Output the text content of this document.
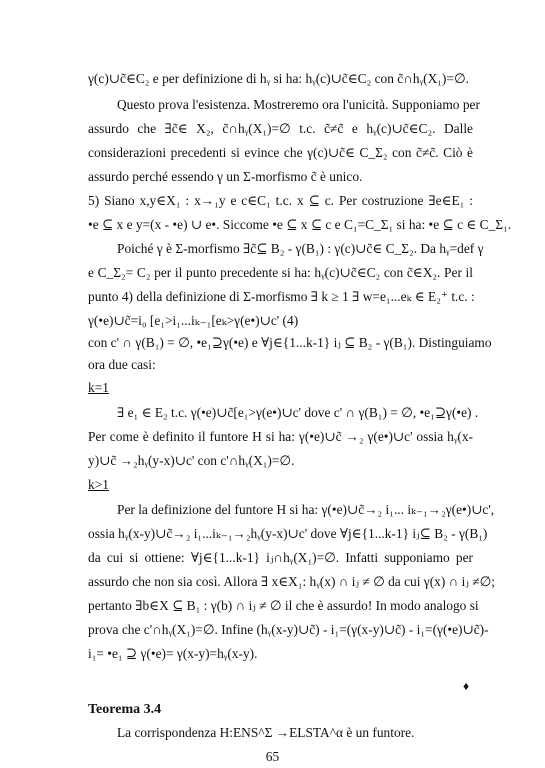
γ(c)∪c̃∈C₂ e per definizione di hᵧ si ha: hᵧ(c)∪c̃∈C₂ con c̃∩hᵧ(X₁)=∅.
Questo prova l'esistenza. Mostreremo ora l'unicità. Supponiamo per
assurdo che ∃c̃∈ X₂, c̃∩hᵧ(X₁)=∅ t.c. c̃≠c̃ e hᵧ(c)∪c̃∈C₂. Dalle
considerazioni precedenti si evince che γ(c)∪c̃∈ C_Σ₂ con c̃≠c̃. Ciò è
assurdo perché essendo γ un Σ-morfismo c̃ è unico.
5) Siano x,y∈X₁ : x→₁y e c∈C₁ t.c. x ⊆ c. Per costruzione ∃e∈E₁ :
•e ⊆ x e y=(x - •e) ∪ e•. Siccome •e ⊆ x ⊆ c e C₁=C_Σ₁ si ha: •e ⊆ c ∈ C_Σ₁.
Poiché γ è Σ-morfismo ∃c̃⊆ B₂ - γ(B₁) : γ(c)∪c̃∈ C_Σ₂. Da hᵧ=def γ
e C_Σ₂= C₂ per il punto precedente si ha: hᵧ(c)∪c̃∈C₂ con c̃∈X₂. Per il
punto 4) della definizione di Σ-morfismo ∃ k ≥ 1 ∃ w=e₁...eₖ ∈ E₂⁺ t.c. :
γ(•e)∪c̃=i₀ [e₁>i₁...iₖ₋₁[eₖ>γ(e•)∪c' (4)
con c' ∩ γ(B₁) = ∅, •e₁⊇γ(•e) e ∀j∈{1...k-1} iⱼ ⊆ B₂ - γ(B₁). Distinguiamo
ora due casi:
k=1
∃ e₁ ∈ E₂ t.c. γ(•e)∪c̃[e₁>γ(e•)∪c' dove c' ∩ γ(B₁) = ∅, •e₁⊇γ(•e) .
Per come è definito il funtore H si ha: γ(•e)∪c̃ →₂ γ(e•)∪c' ossia hᵧ(x-
y)∪c̃ →₂hᵧ(y-x)∪c' con c'∩hᵧ(X₁)=∅.
k>1
Per la definizione del funtore H si ha: γ(•e)∪c̃→₂ i₁... iₖ₋₁→₂γ(e•)∪c',
ossia hᵧ(x-y)∪c̃→₂ i₁...iₖ₋₁→₂hᵧ(y-x)∪c' dove ∀j∈{1...k-1} iⱼ⊆ B₂ - γ(B₁)
da cui si ottiene: ∀j∈{1...k-1} iⱼ∩hᵧ(X₁)=∅. Infatti supponiamo per
assurdo che non sia così. Allora ∃ x∈X₁: hᵧ(x) ∩ iⱼ ≠ ∅ da cui γ(x) ∩ iⱼ ≠∅;
pertanto ∃b∈X ⊆ B₁ : γ(b) ∩ iⱼ ≠ ∅ il che è assurdo! In modo analogo si
prova che c'∩hᵧ(X₁)=∅. Infine (hᵧ(x-y)∪c̃) - i₁=(γ(x-y)∪c̃) - i₁=(γ(•e)∪c̃)-
i₁= •e₁ ⊇ γ(•e)= γ(x-y)=hᵧ(x-y).
♦
Teorema 3.4
La corrispondenza H:ENS^Σ →ELSTA^α è un funtore.
65
